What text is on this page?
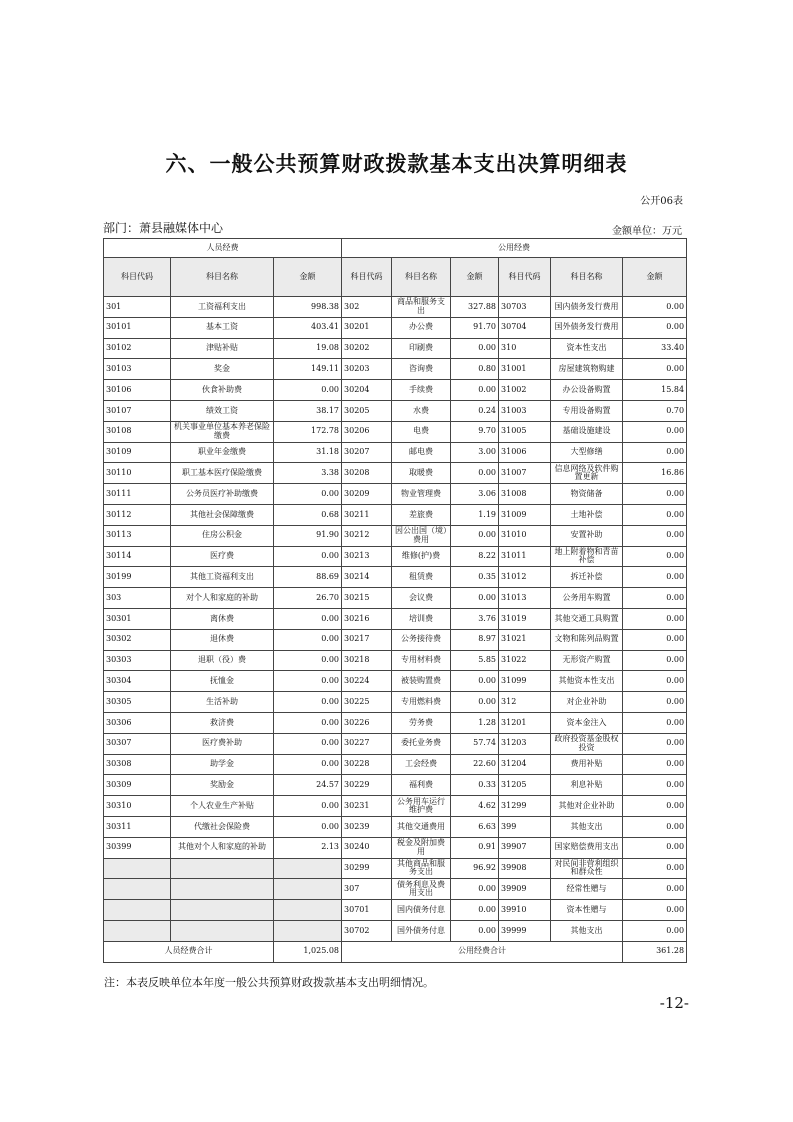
六、一般公共预算财政拨款基本支出决算明细表
公开06表
部门：萧县融媒体中心	金额单位：万元
人员经费			公用经费					
科目代码	科目名称	金额	科目代码	科目名称	金额	科目代码	科目名称	金额
301	工资福利支出	998.38	302	商品和服务支出	327.88	30703	国内债务发行费用	0.00
30101	基本工资	403.41	30201	办公费	91.70	30704	国外债务发行费用	0.00
30102	津贴补贴	19.08	30202	印刷费	0.00	310	资本性支出	33.40
30103	奖金	149.11	30203	咨询费	0.80	31001	房屋建筑物购建	0.00
30106	伙食补助费	0.00	30204	手续费	0.00	31002	办公设备购置	15.84
30107	绩效工资	38.17	30205	水费	0.24	31003	专用设备购置	0.70
30108	机关事业单位基本养老保险缴费	172.78	30206	电费	9.70	31005	基础设施建设	0.00
30109	职业年金缴费	31.18	30207	邮电费	3.00	31006	大型修缮	0.00
30110	职工基本医疗保险缴费	3.38	30208	取暖费	0.00	31007	信息网络及软件购置更新	16.86
30111	公务员医疗补助缴费	0.00	30209	物业管理费	3.06	31008	物资储备	0.00
30112	其他社会保障缴费	0.68	30211	差旅费	1.19	31009	土地补偿	0.00
30113	住房公积金	91.90	30212	因公出国（境）费用	0.00	31010	安置补助	0.00
30114	医疗费	0.00	30213	维修(护)费	8.22	31011	地上附着物和青苗补偿	0.00
30199	其他工资福利支出	88.69	30214	租赁费	0.35	31012	拆迁补偿	0.00
303	对个人和家庭的补助	26.70	30215	会议费	0.00	31013	公务用车购置	0.00
30301	离休费	0.00	30216	培训费	3.76	31019	其他交通工具购置	0.00
30302	退休费	0.00	30217	公务接待费	8.97	31021	文物和陈列品购置	0.00
30303	退职（役）费	0.00	30218	专用材料费	5.85	31022	无形资产购置	0.00
30304	抚恤金	0.00	30224	被装购置费	0.00	31099	其他资本性支出	0.00
30305	生活补助	0.00	30225	专用燃料费	0.00	312	对企业补助	0.00
30306	救济费	0.00	30226	劳务费	1.28	31201	资本金注入	0.00
30307	医疗费补助	0.00	30227	委托业务费	57.74	31203	政府投资基金股权投资	0.00
30308	助学金	0.00	30228	工会经费	22.60	31204	费用补贴	0.00
30309	奖励金	24.57	30229	福利费	0.33	31205	利息补贴	0.00
30310	个人农业生产补贴	0.00	30231	公务用车运行维护费	4.62	31299	其他对企业补助	0.00
30311	代缴社会保险费	0.00	30239	其他交通费用	6.63	399	其他支出	0.00
30399	其他对个人和家庭的补助	2.13	30240	税金及附加费用	0.91	39907	国家赔偿费用支出	0.00
			30299	其他商品和服务支出	96.92	39908	对民间非营利组织和群众性	0.00
			307	债务利息及费用支出	0.00	39909	经常性赠与	0.00
			30701	国内债务付息	0.00	39910	资本性赠与	0.00
			30702	国外债务付息	0.00	39999	其他支出	0.00
人员经费合计		1,025.08	公用经费合计					361.28
注：本表反映单位本年度一般公共预算财政拨款基本支出明细情况。
-12-
